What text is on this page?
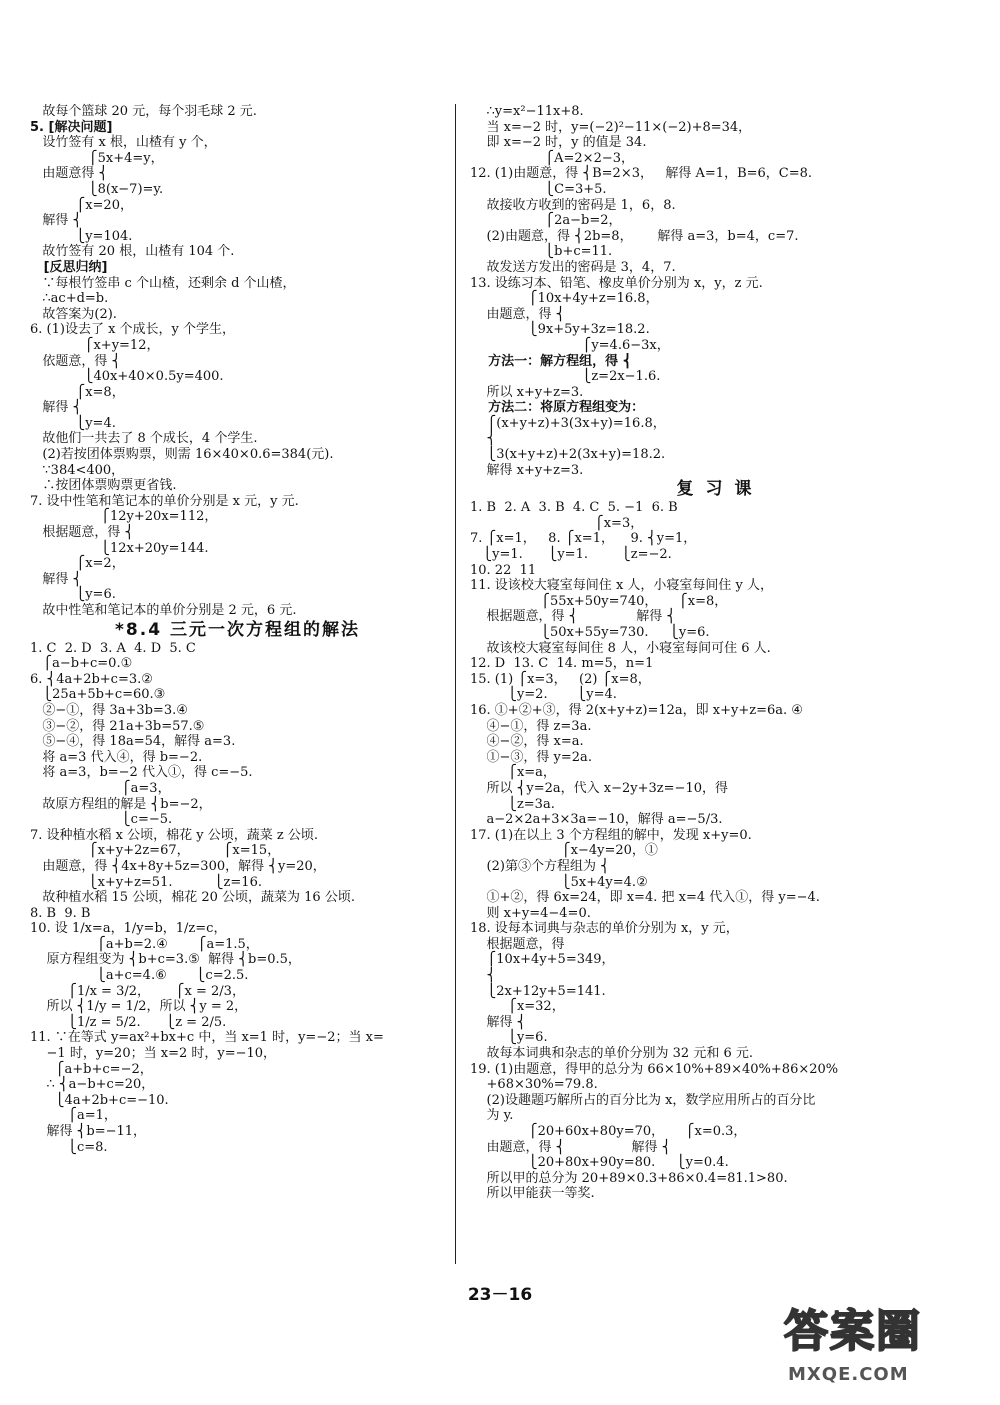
故每个篮球 20 元，每个羽毛球 2 元.
5. [解决问题]
设竹签有 x 根，山楂有 y 个，
⎧5x+4=y，
由题意得 ⎨
⎩8(x−7)=y.
⎧x=20，
解得 ⎨
⎩y=104.
故竹签有 20 根，山楂有 104 个.
[反思归纳]
∵每根竹签串 c 个山楂，还剩余 d 个山楂，
∴ac+d=b.
故答案为(2).
6. (1)设去了 x 个成长，y 个学生，
⎧x+y=12，
依题意，得 ⎨
⎩40x+40×0.5y=400.
⎧x=8，
解得 ⎨
⎩y=4.
故他们一共去了 8 个成长，4 个学生.
(2)若按团体票购票，则需 16×40×0.6=384(元).
∵384<400，
∴按团体票购票更省钱.
7. 设中性笔和笔记本的单价分别是 x 元，y 元.
⎧12y+20x=112，
根据题意，得 ⎨
⎩12x+20y=144.
⎧x=2，
解得 ⎨
⎩y=6.
故中性笔和笔记本的单价分别是 2 元，6 元.
*8.4 三元一次方程组的解法
1. C  2. D  3. A  4. D  5. C
⎧a−b+c=0.①
6. ⎨4a+2b+c=3.②
⎩25a+5b+c=60.③
②−①，得 3a+3b=3.④
③−②，得 21a+3b=57.⑤
⑤−④，得 18a=54，解得 a=3.
将 a=3 代入④，得 b=−2.
将 a=3，b=−2 代入①，得 c=−5.
⎧a=3，
故原方程组的解是 ⎨b=−2，
⎩c=−5.
7. 设种植水稻 x 公顷，棉花 y 公顷，蔬菜 z 公顷.
⎧x+y+2z=67，        ⎧x=15，
由题意，得 ⎨4x+8y+5z=300，解得 ⎨y=20，
⎩x+y+z=51.          ⎩z=16.
故种植水稻 15 公顷，棉花 20 公顷，蔬菜为 16 公顷.
8. B  9. B
10. 设 1/x=a，1/y=b，1/z=c，
⎧a+b=2.④       ⎧a=1.5，
原方程组变为 ⎨b+c=3.⑤  解得 ⎨b=0.5，
⎩a+c=4.⑥       ⎩c=2.5.
⎧1/x = 3/2，      ⎧x = 2/3，
所以 ⎨1/y = 1/2，所以 ⎨y = 2，
⎩1/z = 5/2.      ⎩z = 2/5.
11. ∵在等式 y=ax²+bx+c 中，当 x=1 时，y=−2；当 x=
−1 时，y=20；当 x=2 时，y=−10，
⎧a+b+c=−2，
∴ ⎨a−b+c=20，
⎩4a+2b+c=−10.
⎧a=1，
解得 ⎨b=−11，
⎩c=8.
∴y=x²−11x+8.
当 x=−2 时，y=(−2)²−11×(−2)+8=34，
即 x=−2 时，y 的值是 34.
⎧A=2×2−3，
12. (1)由题意，得 ⎨B=2×3，   解得 A=1，B=6，C=8.
⎩C=3+5.
故接收方收到的密码是 1，6，8.
⎧2a−b=2，
(2)由题意，得 ⎨2b=8，      解得 a=3，b=4，c=7.
⎩b+c=11.
故发送方发出的密码是 3，4，7.
13. 设练习本、铅笔、橡皮单价分别为 x，y，z 元.
⎧10x+4y+z=16.8，
由题意，得 ⎨
⎩9x+5y+3z=18.2.
⎧y=4.6−3x，
方法一：解方程组，得 ⎨
⎩z=2x−1.6.
所以 x+y+z=3.
方法二：将原方程组变为：
⎧(x+y+z)+3(3x+y)=16.8，
⎨
⎩3(x+y+z)+2(3x+y)=18.2.
解得 x+y+z=3.
复习课
1. B  2. A  3. B  4. C  5. −1  6. B
⎧x=3，
7. ⎧x=1，   8. ⎧x=1，    9. ⎨y=1，
⎩y=1.      ⎩y=1.        ⎩z=−2.
10. 22  11
11. 设该校大寝室每间住 x 人，小寝室每间住 y 人，
⎧55x+50y=740，     ⎧x=8，
根据题意，得 ⎨              解得 ⎨
⎩50x+55y=730.     ⎩y=6.
故该校大寝室每间住 8 人，小寝室每间可住 6 人.
12. D  13. C  14. m=5，n=1
15. (1) ⎧x=3，   (2) ⎧x=8，
⎩y=2.       ⎩y=4.
16. ①+②+③，得 2(x+y+z)=12a，即 x+y+z=6a. ④
④−①，得 z=3a.
④−②，得 x=a.
①−③，得 y=2a.
⎧x=a，
所以 ⎨y=2a，代入 x−2y+3z=−10，得
⎩z=3a.
a−2×2a+3×3a=−10，解得 a=−5/3.
17. (1)在以上 3 个方程组的解中，发现 x+y=0.
⎧x−4y=20，①
(2)第③个方程组为 ⎨
⎩5x+4y=4.②
①+②，得 6x=24，即 x=4. 把 x=4 代入①，得 y=−4.
则 x+y=4−4=0.
18. 设每本词典与杂志的单价分别为 x，y 元，
根据题意，得
⎧10x+4y+5=349，
⎨
⎩2x+12y+5=141.
⎧x=32，
解得 ⎨
⎩y=6.
故每本词典和杂志的单价分别为 32 元和 6 元.
19. (1)由题意，得甲的总分为 66×10%+89×40%+86×20%
+68×30%=79.8.
(2)设趣题巧解所占的百分比为 x，数学应用所占的百分比
为 y.
⎧20+60x+80y=70，     ⎧x=0.3，
由题意，得 ⎨                解得 ⎨
⎩20+80x+90y=80.     ⎩y=0.4.
所以甲的总分为 20+89×0.3+86×0.4=81.1>80.
所以甲能获一等奖.
23－16
答案圈
MXQE.COM
